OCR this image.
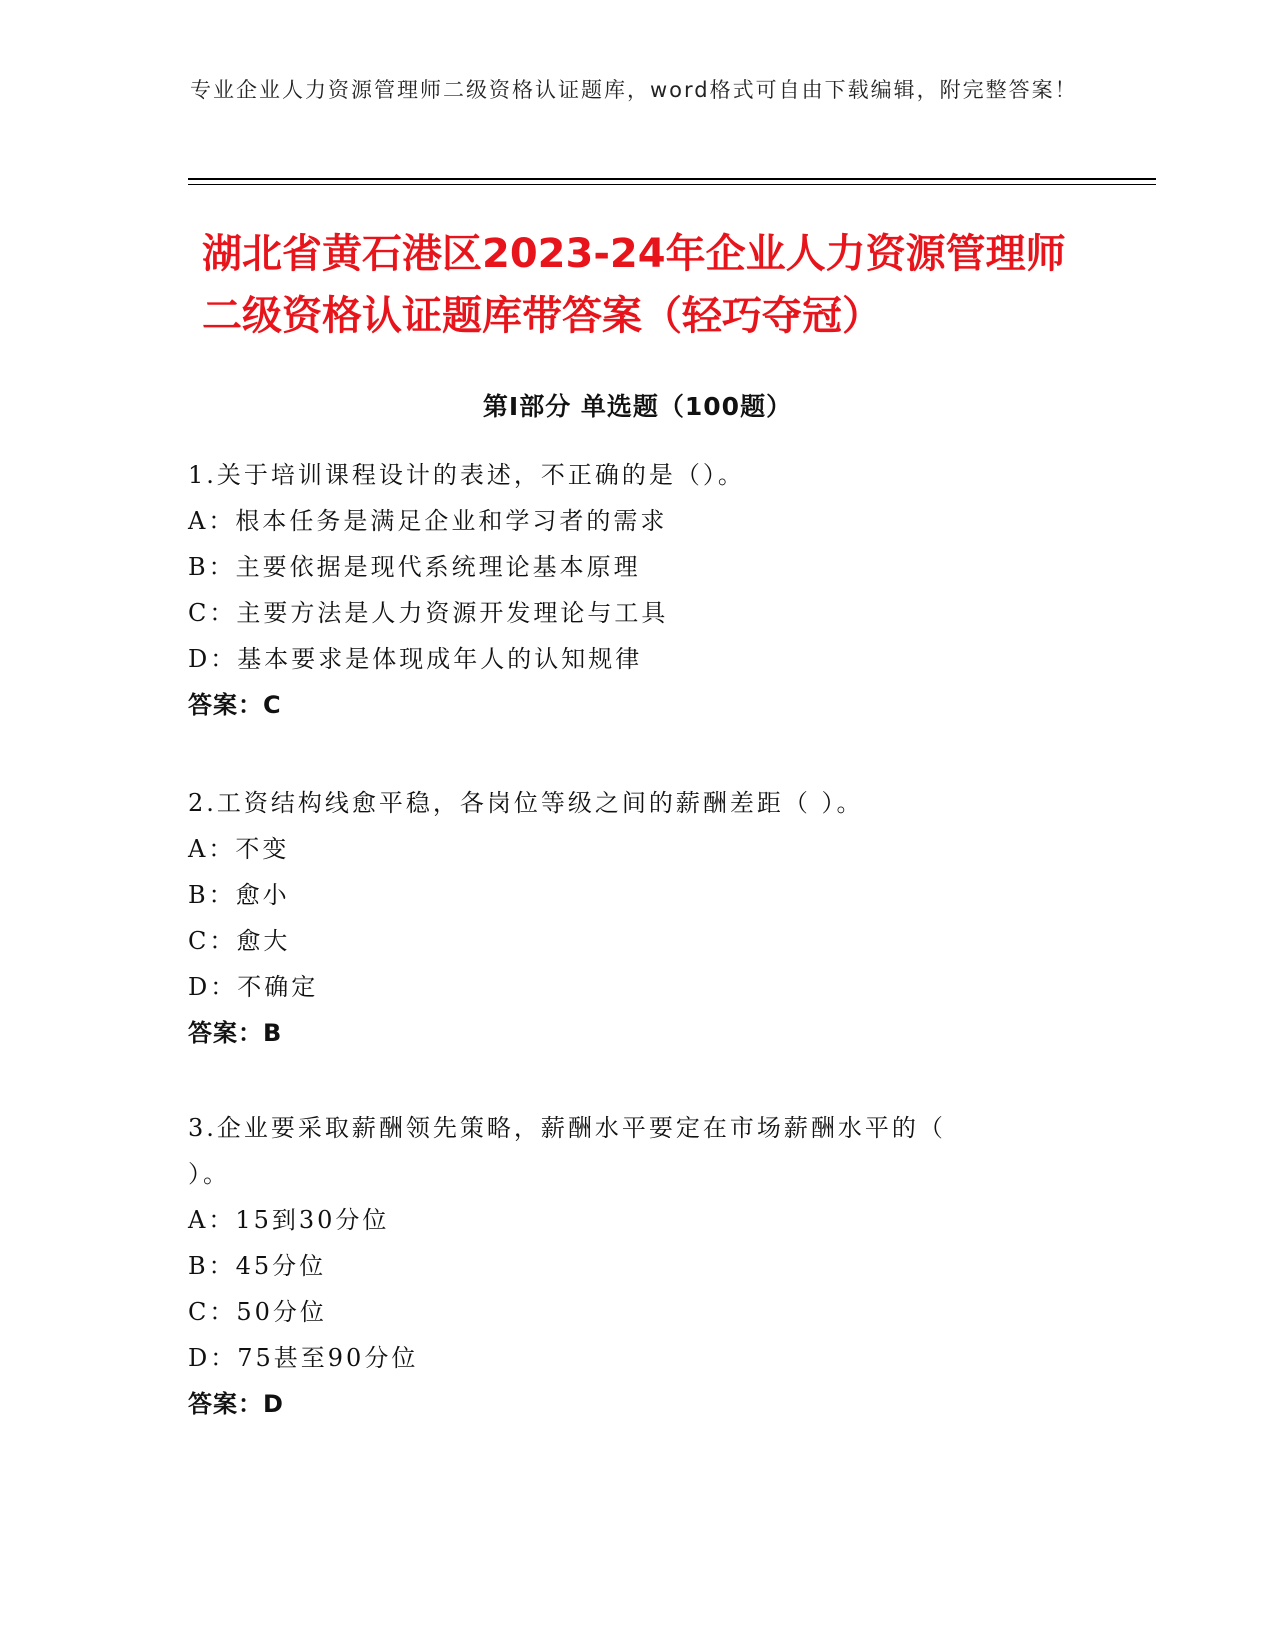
专业企业人力资源管理师二级资格认证题库，word格式可自由下载编辑，附完整答案！
湖北省黄石港区2023-24年企业人力资源管理师二级资格认证题库带答案（轻巧夺冠）
第Ⅰ部分 单选题（100题）
1.关于培训课程设计的表述，不正确的是（）。
A：根本任务是满足企业和学习者的需求
B：主要依据是现代系统理论基本原理
C：主要方法是人力资源开发理论与工具
D：基本要求是体现成年人的认知规律
答案：C
2.工资结构线愈平稳，各岗位等级之间的薪酬差距（ ）。
A：不变
B：愈小
C：愈大
D：不确定
答案：B
3.企业要采取薪酬领先策略，薪酬水平要定在市场薪酬水平的（ ）。
A：15到30分位
B：45分位
C：50分位
D：75甚至90分位
答案：D
